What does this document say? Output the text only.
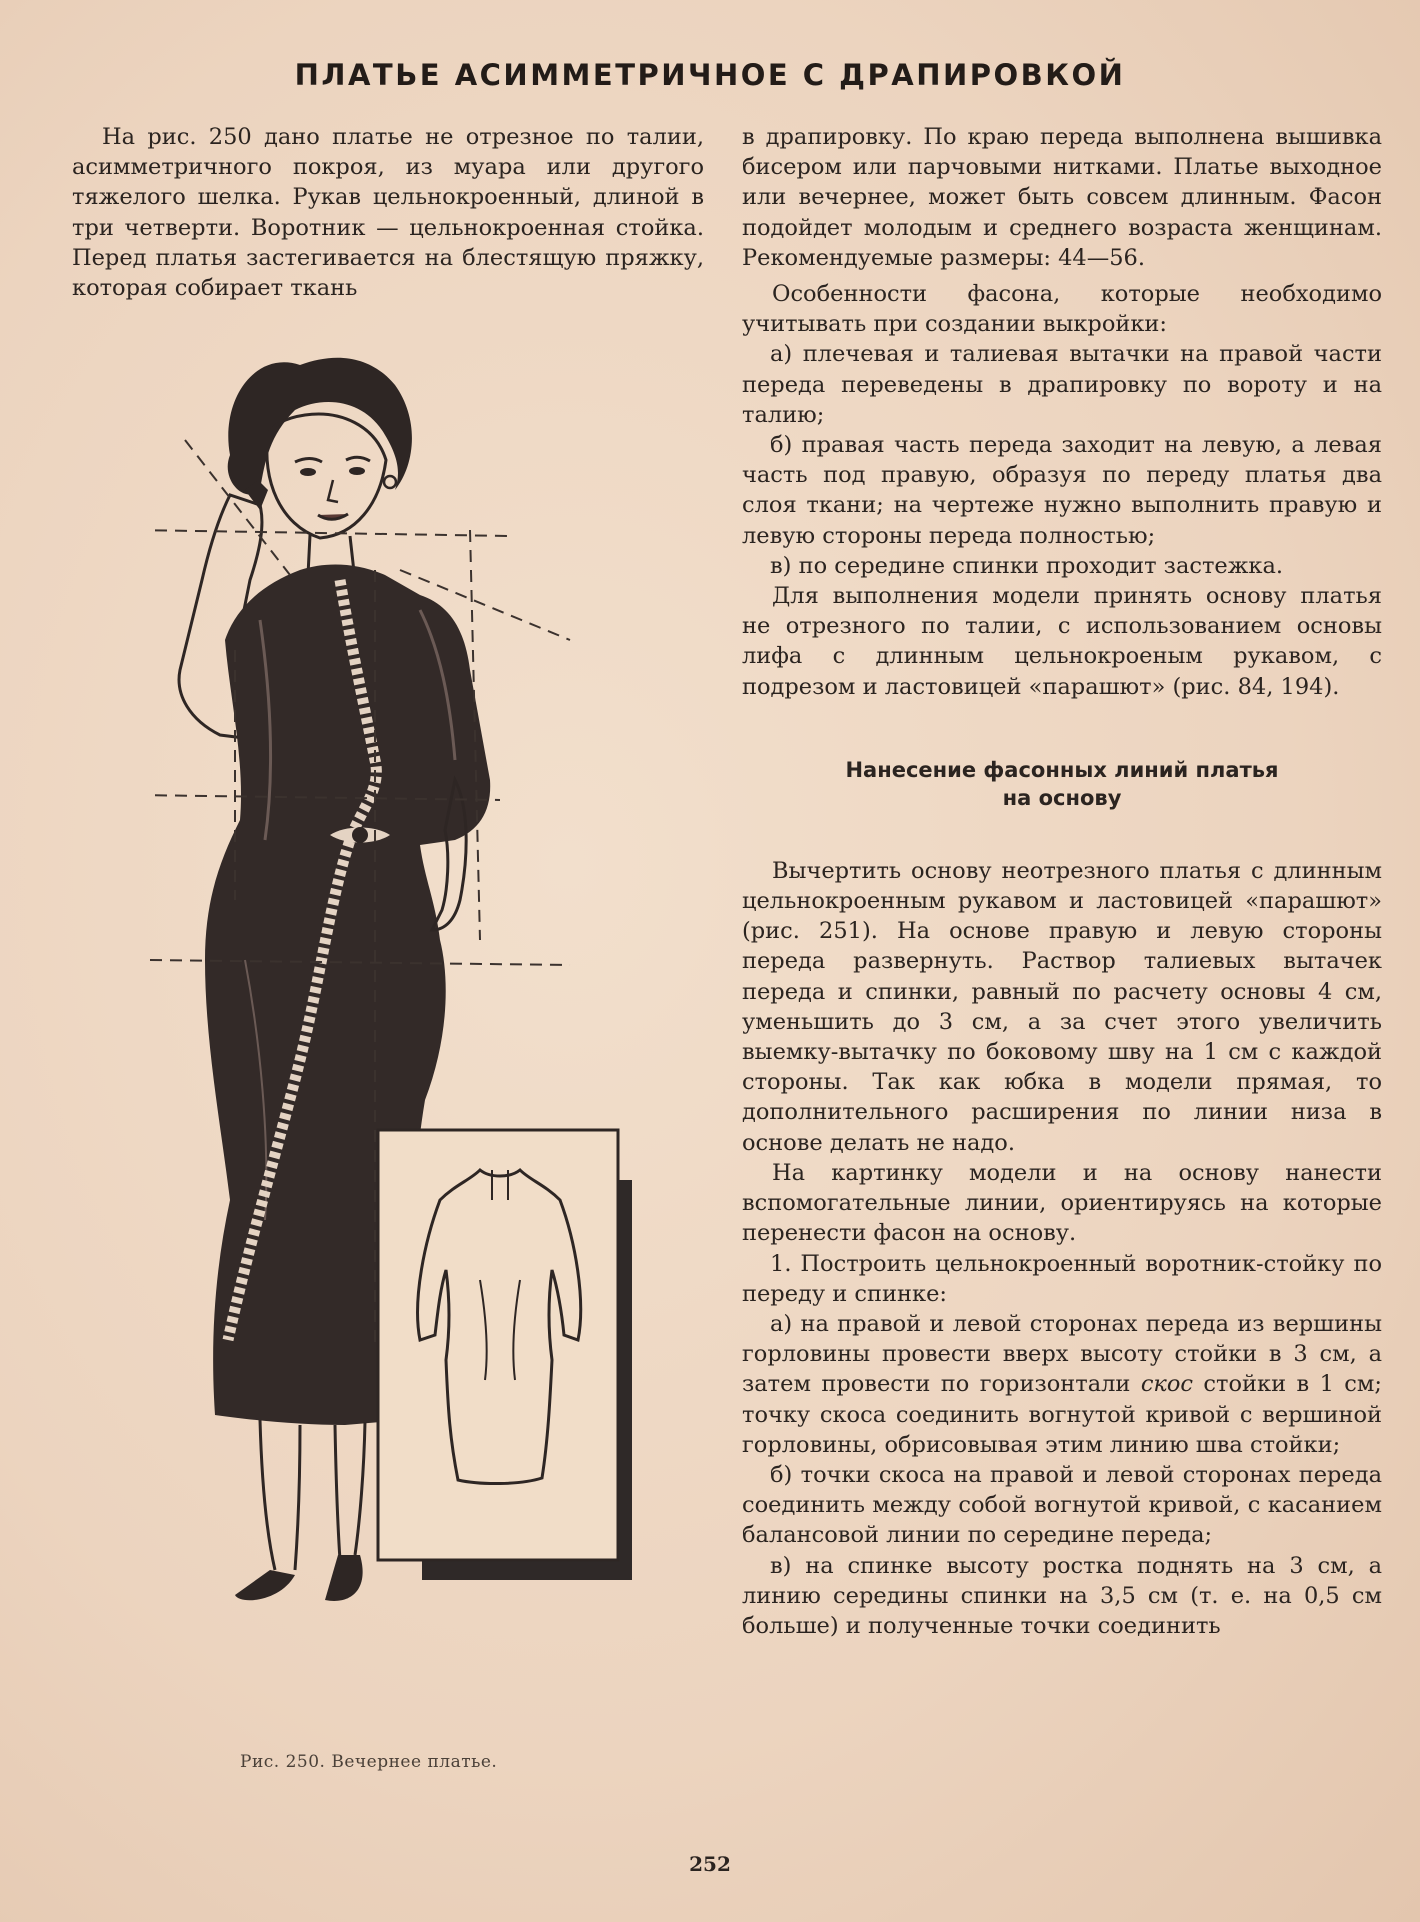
ПЛАТЬЕ АСИММЕТРИЧНОЕ С ДРАПИРОВКОЙ

На рис. 250 дано платье не отрезное по талии, асимметричного покроя, из муара или другого тяжелого шелка. Рукав цельнокроенный, длиной в три четверти. Воротник — цельнокроенная стойка. Перед платья застегивается на блестящую пряжку, которая собирает ткань

Рис. 250. Вечернее платье.

в драпировку. По краю переда выполнена вышивка бисером или парчовыми нитками. Платье выходное или вечернее, может быть совсем длинным. Фасон подойдет молодым и среднего возраста женщинам. Рекомендуемые размеры: 44—56.

Особенности фасона, которые необходимо учитывать при создании выкройки:

а) плечевая и талиевая вытачки на правой части переда переведены в драпировку по вороту и на талию;

б) правая часть переда заходит на левую, а левая часть под правую, образуя по переду платья два слоя ткани; на чертеже нужно выполнить правую и левую стороны переда полностью;

в) по середине спинки проходит застежка.

Для выполнения модели принять основу платья не отрезного по талии, с использованием основы лифа с длинным цельнокроеным рукавом, с подрезом и ластовицей «парашют» (рис. 84, 194).

Нанесение фасонных линий платья
на основу

Вычертить основу неотрезного платья с длинным цельнокроенным рукавом и ластовицей «парашют» (рис. 251). На основе правую и левую стороны переда развернуть. Раствор талиевых вытачек переда и спинки, равный по расчету основы 4 см, уменьшить до 3 см, а за счет этого увеличить выемку-вытачку по боковому шву на 1 см с каждой стороны. Так как юбка в модели прямая, то дополнительного расширения по линии низа в основе делать не надо.

На картинку модели и на основу нанести вспомогательные линии, ориентируясь на которые перенести фасон на основу.

1. Построить цельнокроенный воротник-стойку по переду и спинке:

а) на правой и левой сторонах переда из вершины горловины провести вверх высоту стойки в 3 см, а затем провести по горизонтали скос стойки в 1 см; точку скоса соединить вогнутой кривой с вершиной горловины, обрисовывая этим линию шва стойки;

б) точки скоса на правой и левой сторонах переда соединить между собой вогнутой кривой, с касанием балансовой линии по середине переда;

в) на спинке высоту ростка поднять на 3 см, а линию середины спинки на 3,5 см (т. е. на 0,5 см больше) и полученные точки соединить

252
